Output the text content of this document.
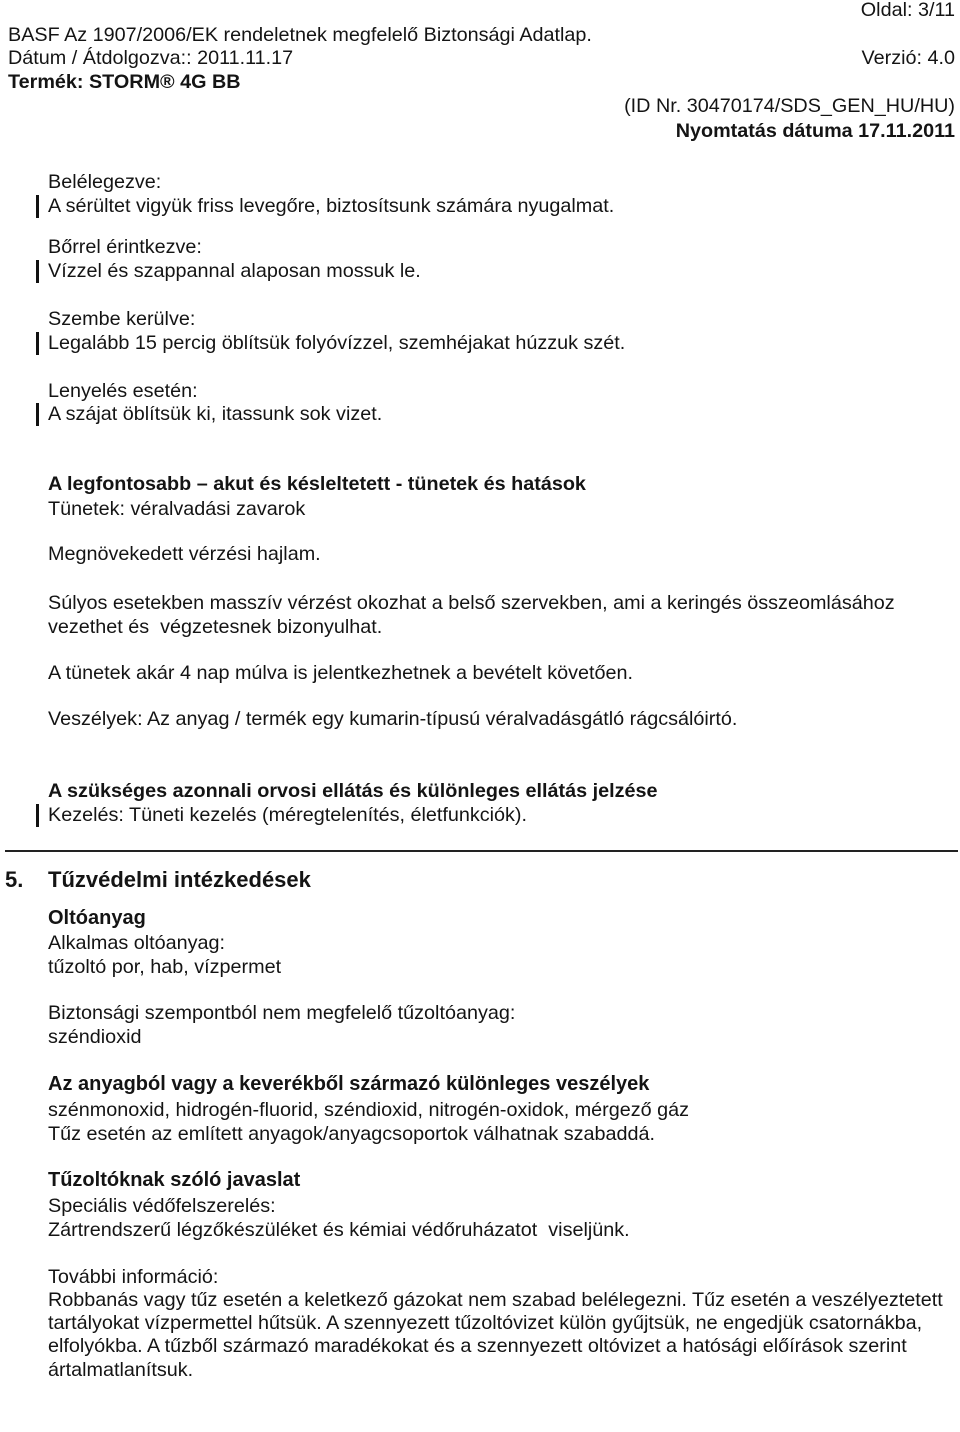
Oldal: 3/11
BASF Az 1907/2006/EK rendeletnek megfelelő Biztonsági Adatlap.
Dátum / Átdolgozva:: 2011.11.17	Verzió: 4.0
Termék: STORM® 4G BB
(ID Nr. 30470174/SDS_GEN_HU/HU)
Nyomtatás dátuma 17.11.2011
Belélegezve:
A sérültet vigyük friss levegőre, biztosítsunk számára nyugalmat.
Bőrrel érintkezve:
Vízzel és szappannal alaposan mossuk le.
Szembe kerülve:
Legalább 15 percig öblítsük folyóvízzel, szemhéjakat húzzuk szét.
Lenyelés esetén:
A szájat öblítsük ki, itassunk sok vizet.
A legfontosabb – akut és késleltetett - tünetek és hatások
Tünetek: véralvadási zavarok
Megnövekedett vérzési hajlam.
Súlyos esetekben masszív vérzést okozhat a belső szervekben, ami a keringés összeomlásához
vezethet és  végzetesnek bizonyulhat.
A tünetek akár 4 nap múlva is jelentkezhetnek a bevételt követően.
Veszélyek: Az anyag / termék egy kumarin-típusú véralvadásgátló rágcsálóirtó.
A szükséges azonnali orvosi ellátás és különleges ellátás jelzése
Kezelés: Tüneti kezelés (méregtelenítés, életfunkciók).
5. Tűzvédelmi intézkedések
Oltóanyag
Alkalmas oltóanyag:
tűzoltó por, hab, vízpermet
Biztonsági szempontból nem megfelelő tűzoltóanyag:
széndioxid
Az anyagból vagy a keverékből származó különleges veszélyek
szénmonoxid, hidrogén-fluorid, széndioxid, nitrogén-oxidok, mérgező gáz
Tűz esetén az említett anyagok/anyagcsoportok válhatnak szabaddá.
Tűzoltóknak szóló javaslat
Speciális védőfelszerelés:
Zártrendszerű légzőkészüléket és kémiai védőruházatot  viseljünk.
További információ:
Robbanás vagy tűz esetén a keletkező gázokat nem szabad belélegezni. Tűz esetén a veszélyeztetett
tartályokat vízpermettel hűtsük. A szennyezett tűzoltóvizet külön gyűjtsük, ne engedjük csatornákba,
elfolyókba. A tűzből származó maradékokat és a szennyezett oltóvizet a hatósági előírások szerint
ártalmatlanítsuk.
